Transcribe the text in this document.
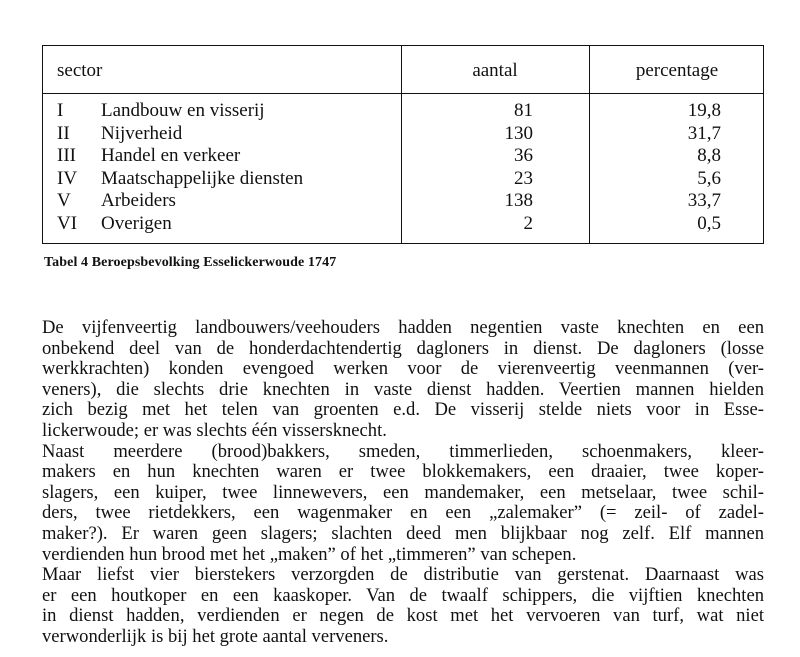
sector	aantal	percentage
I Landbouw en visserij	81	19,8
II Nijverheid	130	31,7
III Handel en verkeer	36	8,8
IV Maatschappelijke diensten	23	5,6
V Arbeiders	138	33,7
VI Overigen	2	0,5
Tabel 4 Beroepsbevolking Esselickerwoude 1747

De vijfenveertig landbouwers/veehouders hadden negentien vaste knechten en een
onbekend deel van de honderdachtendertig dagloners in dienst. De dagloners (losse
werkkrachten) konden evengoed werken voor de vierenveertig veenmannen (ver-
veners), die slechts drie knechten in vaste dienst hadden. Veertien mannen hielden
zich bezig met het telen van groenten e.d. De visserij stelde niets voor in Esse-
lickerwoude; er was slechts één vissersknecht.

Naast meerdere (brood)bakkers, smeden, timmerlieden, schoenmakers, kleer-
makers en hun knechten waren er twee blokkemakers, een draaier, twee koper-
slagers, een kuiper, twee linnewevers, een mandemaker, een metselaar, twee schil-
ders, twee rietdekkers, een wagenmaker en een „zalemaker” (= zeil- of zadel-
maker?). Er waren geen slagers; slachten deed men blijkbaar nog zelf. Elf mannen
verdienden hun brood met het „maken” of het „timmeren” van schepen.

Maar liefst vier bierstekers verzorgden de distributie van gerstenat. Daarnaast was
er een houtkoper en een kaaskoper. Van de twaalf schippers, die vijftien knechten
in dienst hadden, verdienden er negen de kost met het vervoeren van turf, wat niet
verwonderlijk is bij het grote aantal verveners.
